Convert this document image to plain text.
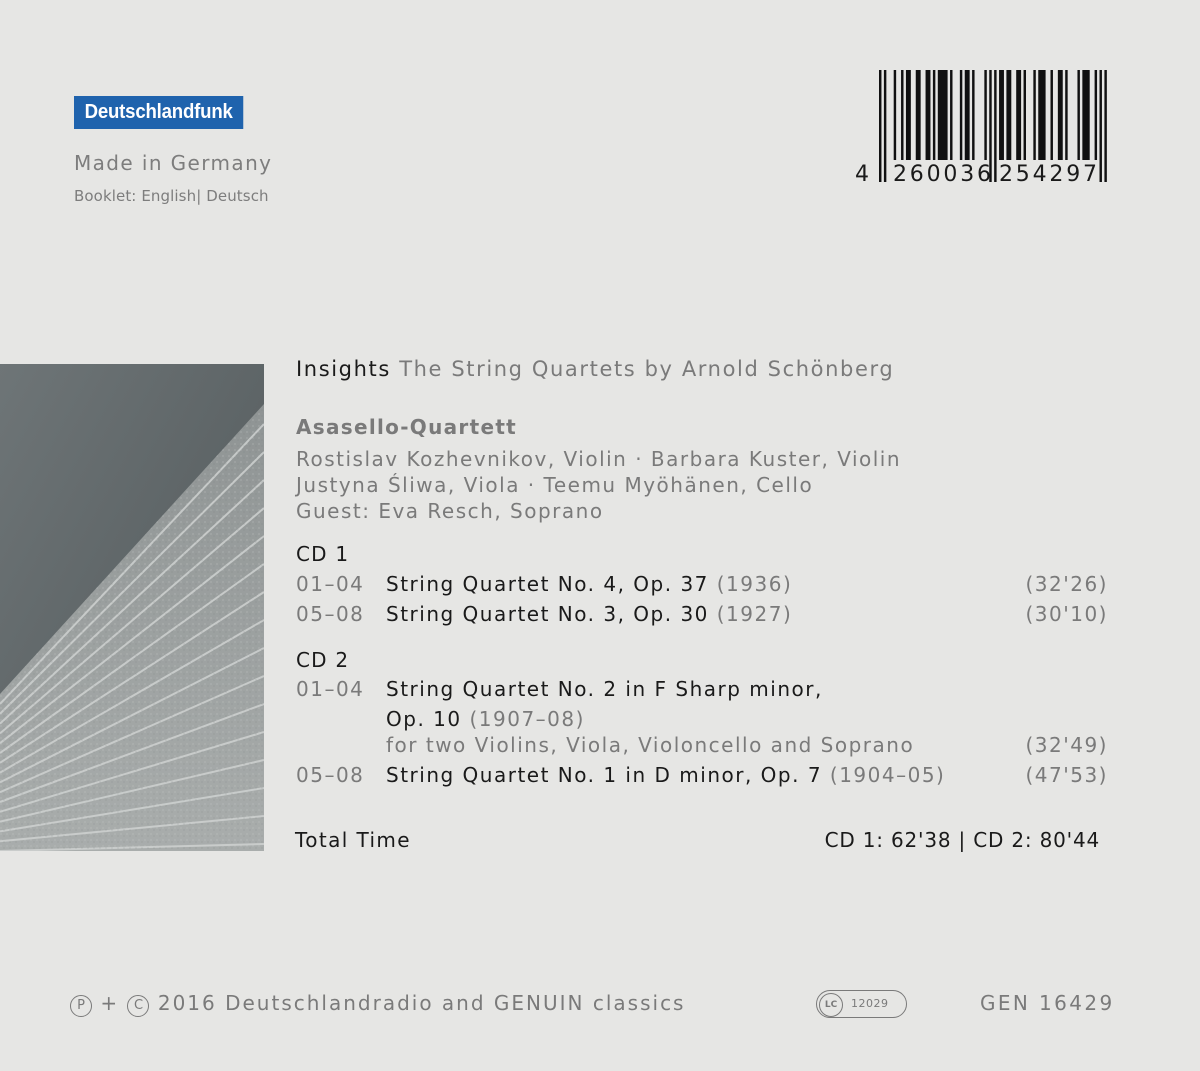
Deutschlandfunk
Made in Germany
Booklet: English| Deutsch
4 260036 254297
Insights The String Quartets by Arnold Schönberg
Asasello-Quartett
Rostislav Kozhevnikov, Violin · Barbara Kuster, Violin
Justyna Śliwa, Viola · Teemu Myöhänen, Cello
Guest: Eva Resch, Soprano
CD 1
01–04 String Quartet No. 4, Op. 37 (1936)	(32'26)
05–08 String Quartet No. 3, Op. 30 (1927)	(30'10)
CD 2
01–04 String Quartet No. 2 in F Sharp minor,
Op. 10 (1907–08)
for two Violins, Viola, Violoncello and Soprano	(32'49)
05–08 String Quartet No. 1 in D minor, Op. 7 (1904–05)	(47'53)
Total Time	CD 1: 62'38 | CD 2: 80'44
P + C 2016 Deutschlandradio and GENUIN classics	LC	12029	GEN 16429
